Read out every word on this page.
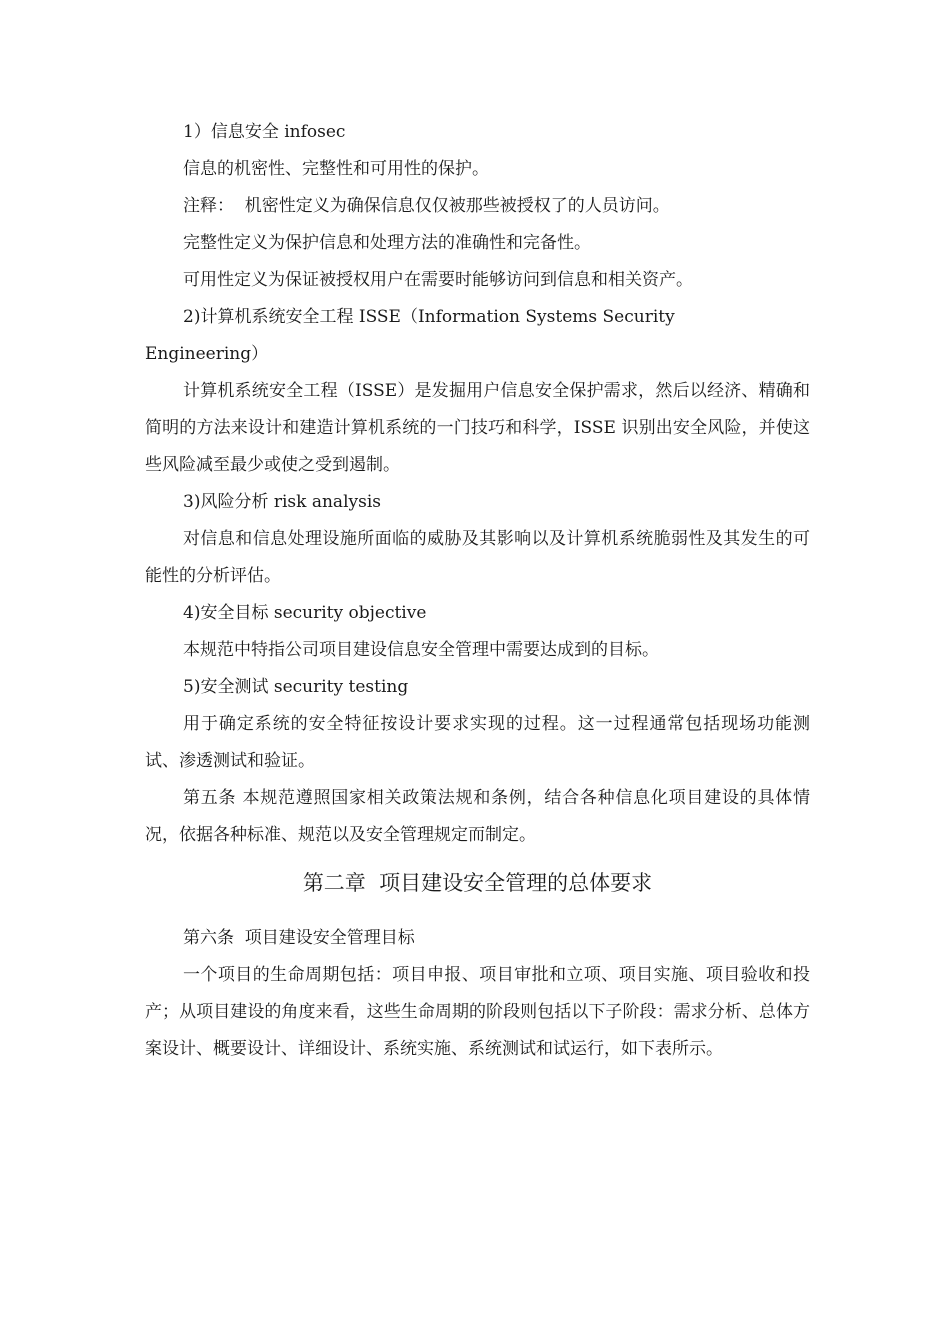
1）信息安全 infosec

信息的机密性、完整性和可用性的保护。

注释：  机密性定义为确保信息仅仅被那些被授权了的人员访问。

完整性定义为保护信息和处理方法的准确性和完备性。

可用性定义为保证被授权用户在需要时能够访问到信息和相关资产。

2)计算机系统安全工程 ISSE（Information Systems Security

Engineering）

计算机系统安全工程（ISSE）是发掘用户信息安全保护需求，然后以经济、精确和简明的方法来设计和建造计算机系统的一门技巧和科学，ISSE 识别出安全风险，并使这些风险减至最少或使之受到遏制。

3)风险分析 risk analysis

对信息和信息处理设施所面临的威胁及其影响以及计算机系统脆弱性及其发生的可能性的分析评估。

4)安全目标 security objective

本规范中特指公司项目建设信息安全管理中需要达成到的目标。

5)安全测试 security testing

用于确定系统的安全特征按设计要求实现的过程。这一过程通常包括现场功能测试、渗透测试和验证。

第五条 本规范遵照国家相关政策法规和条例，结合各种信息化项目建设的具体情况，依据各种标准、规范以及安全管理规定而制定。

第二章  项目建设安全管理的总体要求

第六条  项目建设安全管理目标

一个项目的生命周期包括：项目申报、项目审批和立项、项目实施、项目验收和投产；从项目建设的角度来看，这些生命周期的阶段则包括以下子阶段：需求分析、总体方案设计、概要设计、详细设计、系统实施、系统测试和试运行，如下表所示。
